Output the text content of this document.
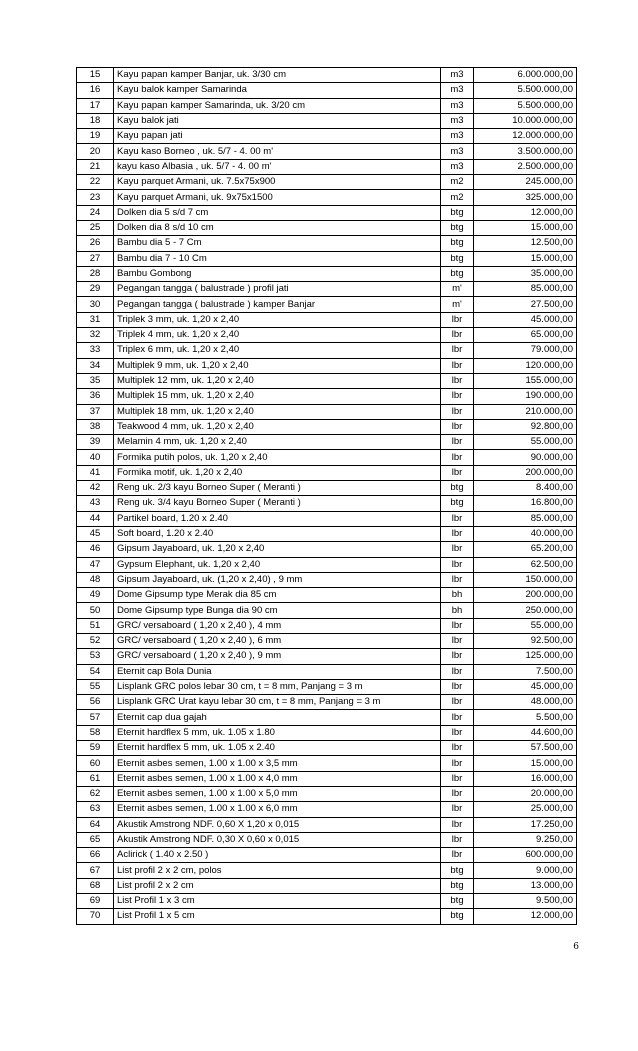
15	Kayu papan kamper Banjar, uk. 3/30 cm	m3	6.000.000,00
16	Kayu balok kamper Samarinda	m3	5.500.000,00
17	Kayu papan kamper Samarinda, uk. 3/20 cm	m3	5.500.000,00
18	Kayu balok jati	m3	10.000.000,00
19	Kayu papan jati	m3	12.000.000,00
20	Kayu kaso Borneo , uk. 5/7 - 4. 00 m'	m3	3.500.000,00
21	kayu kaso Albasia , uk. 5/7 - 4. 00 m'	m3	2.500.000,00
22	Kayu parquet Armani, uk. 7.5x75x900	m2	245.000,00
23	Kayu parquet Armani, uk. 9x75x1500	m2	325.000,00
24	Dolken dia 5 s/d 7 cm	btg	12.000,00
25	Dolken dia 8 s/d 10 cm	btg	15.000,00
26	Bambu dia 5 - 7 Cm	btg	12.500,00
27	Bambu dia 7 - 10 Cm	btg	15.000,00
28	Bambu Gombong	btg	35.000,00
29	Pegangan tangga ( balustrade ) profil jati	m'	85.000,00
30	Pegangan tangga ( balustrade ) kamper Banjar	m'	27.500,00
31	Triplek 3 mm, uk. 1,20 x 2,40	lbr	45.000,00
32	Triplek 4 mm, uk. 1,20 x 2,40	lbr	65.000,00
33	Triplex 6 mm, uk. 1,20 x 2,40	lbr	79.000,00
34	Multiplek 9 mm, uk. 1,20 x 2,40	lbr	120.000,00
35	Multiplek 12 mm, uk. 1,20 x 2,40	lbr	155.000,00
36	Multiplek 15 mm, uk. 1,20 x 2,40	lbr	190.000,00
37	Multiplek 18 mm, uk. 1,20 x 2,40	lbr	210.000,00
38	Teakwood 4 mm, uk. 1,20 x 2,40	lbr	92.800,00
39	Melamin 4 mm, uk. 1,20 x 2,40	lbr	55.000,00
40	Formika putih polos, uk. 1,20 x 2,40	lbr	90.000,00
41	Formika motif, uk. 1,20 x 2,40	lbr	200.000,00
42	Reng uk. 2/3 kayu Borneo Super ( Meranti )	btg	8.400,00
43	Reng uk. 3/4 kayu Borneo Super ( Meranti )	btg	16.800,00
44	Partikel board, 1.20 x 2.40	lbr	85.000,00
45	Soft board, 1.20 x 2.40	lbr	40.000,00
46	Gipsum Jayaboard, uk. 1,20 x 2,40	lbr	65.200,00
47	Gypsum Elephant, uk. 1,20 x 2,40	lbr	62.500,00
48	Gipsum Jayaboard, uk. (1,20 x 2,40) , 9 mm	lbr	150.000,00
49	Dome Gipsump type Merak dia 85 cm	bh	200.000,00
50	Dome Gipsump type Bunga dia 90 cm	bh	250.000,00
51	GRC/ versaboard ( 1,20 x 2,40 ), 4 mm	lbr	55.000,00
52	GRC/ versaboard ( 1,20 x 2,40 ), 6 mm	lbr	92.500,00
53	GRC/ versaboard ( 1,20 x 2,40 ), 9 mm	lbr	125.000,00
54	Eternit cap Bola Dunia	lbr	7.500,00
55	Lisplank GRC polos lebar 30 cm, t = 8 mm, Panjang = 3 m	lbr	45.000,00
56	Lisplank GRC Urat kayu lebar 30 cm, t = 8 mm, Panjang = 3 m	lbr	48.000,00
57	Eternit cap dua gajah	lbr	5.500,00
58	Eternit hardflex 5 mm, uk. 1.05 x 1.80	lbr	44.600,00
59	Eternit hardflex 5 mm, uk. 1.05 x 2.40	lbr	57.500,00
60	Eternit asbes semen, 1.00 x 1.00 x 3,5 mm	lbr	15.000,00
61	Eternit asbes semen, 1.00 x 1.00 x 4,0 mm	lbr	16.000,00
62	Eternit asbes semen, 1.00 x 1.00 x 5,0 mm	lbr	20.000,00
63	Eternit asbes semen, 1.00 x 1.00 x 6,0 mm	lbr	25.000,00
64	Akustik Amstrong NDF. 0,60 X 1,20 x 0,015	lbr	17.250,00
65	Akustik Amstrong NDF. 0,30 X 0,60 x 0,015	lbr	9.250,00
66	Aclirick ( 1.40 x 2.50 )	lbr	600.000,00
67	List profil 2 x 2 cm, polos	btg	9.000,00
68	List profil 2 x 2 cm	btg	13.000,00
69	List Profil 1 x 3 cm	btg	9.500,00
70	List Profil 1 x 5 cm	btg	12.000,00
6
